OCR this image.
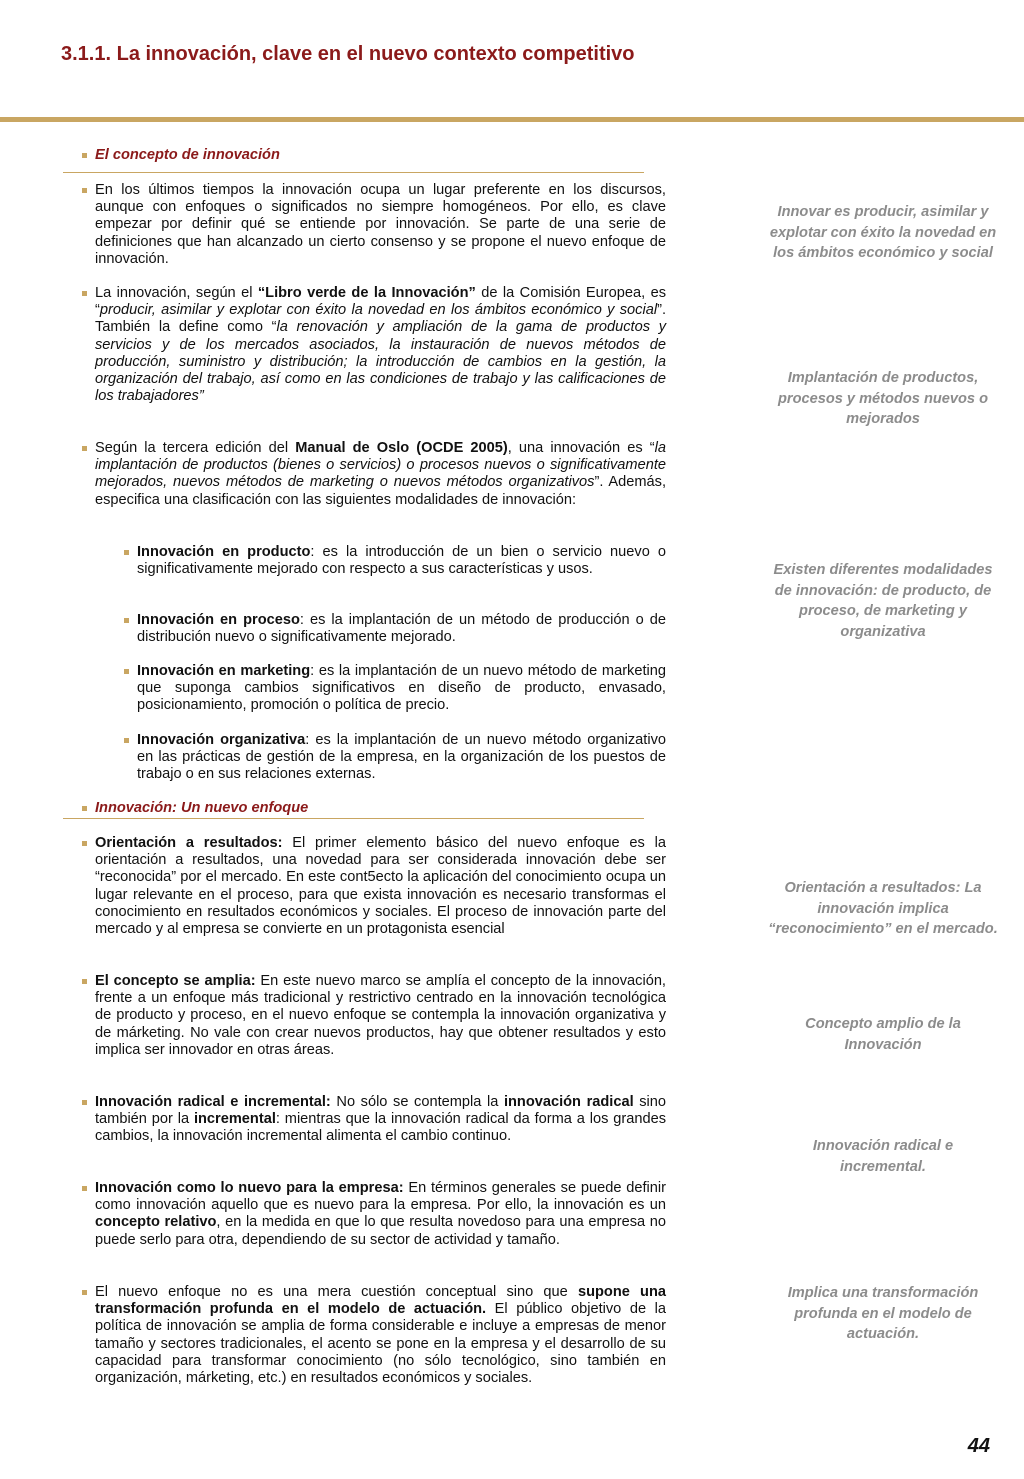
3.1.1. La innovación, clave en el nuevo contexto competitivo
El concepto de innovación
En los últimos tiempos la innovación ocupa un lugar preferente en los discursos, aunque con enfoques o significados no siempre homogéneos. Por ello, es clave empezar por definir qué se entiende por innovación. Se parte de una serie de definiciones que han alcanzado un cierto consenso y se propone el nuevo enfoque de innovación.
La innovación, según el “Libro verde de la Innovación” de la Comisión Europea, es “producir, asimilar y explotar con éxito la novedad en los ámbitos económico y social”. También la define como “la renovación y ampliación de la gama de productos y servicios y de los mercados asociados, la instauración de nuevos métodos de producción, suministro y distribución; la introducción de cambios en la gestión, la organización del trabajo, así como en las condiciones de trabajo y las calificaciones de los trabajadores”
Según la tercera edición del Manual de Oslo (OCDE 2005), una innovación es “la implantación de productos (bienes o servicios) o procesos nuevos o significativamente mejorados, nuevos métodos de marketing o nuevos métodos organizativos”. Además, especifica una clasificación con las siguientes modalidades de innovación:
Innovación en producto: es la introducción de un bien o servicio nuevo o significativamente mejorado con respecto a sus características y usos.
Innovación en proceso: es la implantación de un método de producción o de distribución nuevo o significativamente mejorado.
Innovación en marketing: es la implantación de un nuevo método de marketing que suponga cambios significativos en diseño de producto, envasado, posicionamiento, promoción o política de precio.
Innovación organizativa: es la implantación de un nuevo método organizativo en las prácticas de gestión de la empresa, en la organización de los puestos de trabajo o en sus relaciones externas.
Innovación: Un nuevo enfoque
Orientación a resultados: El primer elemento básico del nuevo enfoque es la orientación a resultados, una novedad para ser considerada innovación debe ser “reconocida” por el mercado. En este cont5ecto la aplicación del conocimiento ocupa un lugar relevante en el proceso, para que exista innovación es necesario transformas el conocimiento en resultados económicos y sociales. El proceso de innovación parte del mercado y al empresa se convierte en un protagonista esencial
El concepto se amplia: En este nuevo marco se amplía el concepto de la innovación, frente a un enfoque más tradicional y restrictivo centrado en la innovación tecnológica de producto y proceso, en el nuevo enfoque se contempla la innovación organizativa y de márketing. No vale con crear nuevos productos, hay que obtener resultados y esto implica ser innovador en otras áreas.
Innovación radical e incremental: No sólo se contempla la innovación radical sino también por la incremental: mientras que la innovación radical da forma a los grandes cambios, la innovación incremental alimenta el cambio continuo.
Innovación como lo nuevo para la empresa: En términos generales se puede definir como innovación aquello que es nuevo para la empresa. Por ello, la innovación es un concepto relativo, en la medida en que lo que resulta novedoso para una empresa no puede serlo para otra, dependiendo de su sector de actividad y tamaño.
El nuevo enfoque no es una mera cuestión conceptual sino que supone una transformación profunda en el modelo de actuación. El público objetivo de la política de innovación se amplia de forma considerable e incluye a empresas de menor tamaño y sectores tradicionales, el acento se pone en la empresa y el desarrollo de su capacidad para transformar conocimiento (no sólo tecnológico, sino también en organización, márketing, etc.) en resultados económicos y sociales.
Innovar es producir, asimilar y explotar con éxito la novedad en los ámbitos económico y social
Implantación de productos, procesos y métodos nuevos o mejorados
Existen diferentes modalidades de innovación: de producto, de proceso, de marketing y organizativa
Orientación a resultados: La innovación implica “reconocimiento” en el mercado.
Concepto amplio de la Innovación
Innovación radical e incremental.
Implica una transformación profunda en el modelo de actuación.
44
